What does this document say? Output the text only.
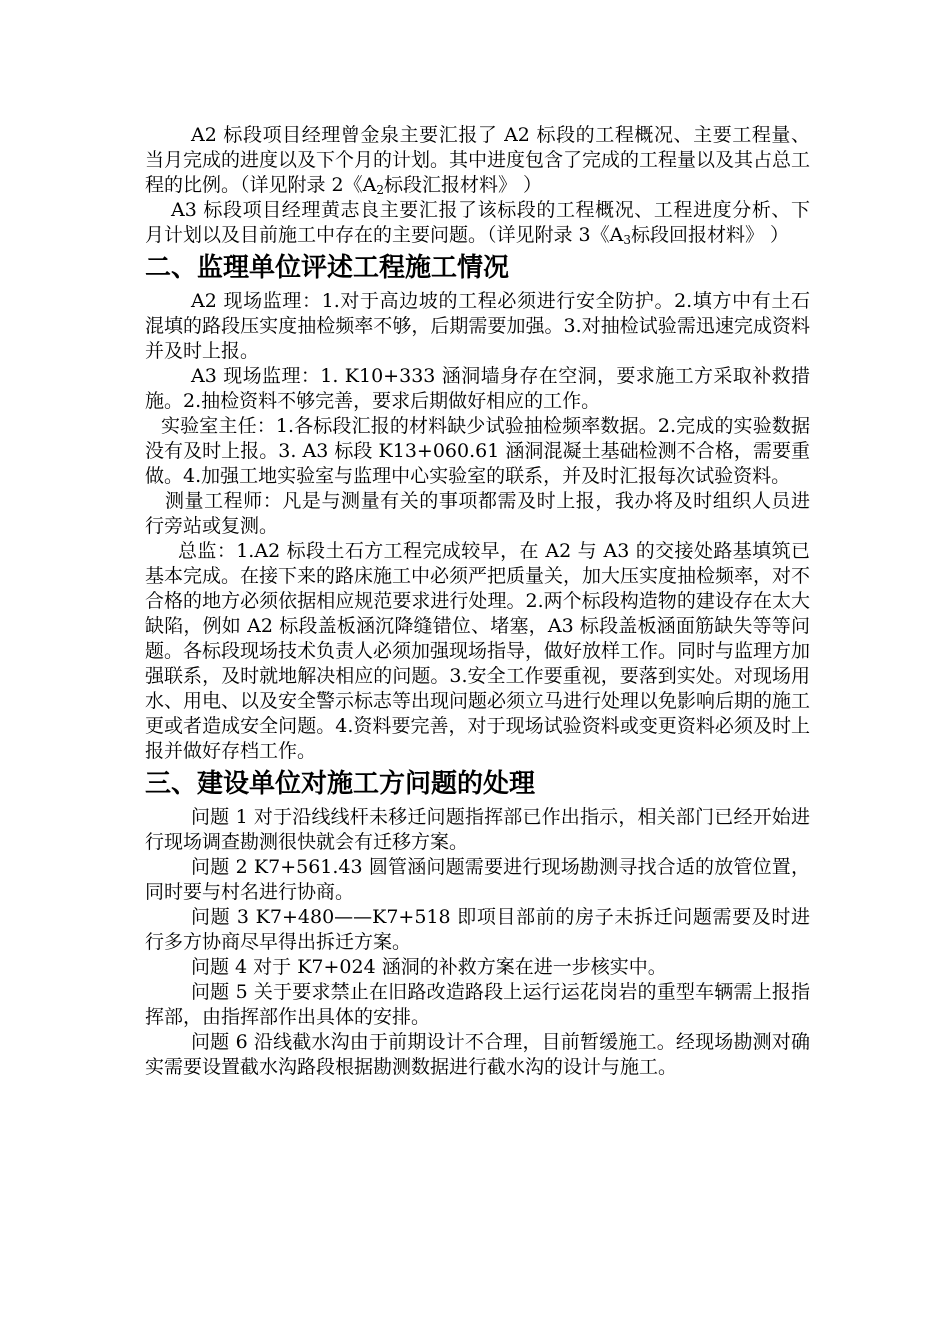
A2 标段项目经理曾金泉主要汇报了 A2 标段的工程概况、主要工程量、当月完成的进度以及下个月的计划。其中进度包含了完成的工程量以及其占总工程的比例。（详见附录 2《$A_2$标段汇报材料》 ）

A3 标段项目经理黄志良主要汇报了该标段的工程概况、工程进度分析、下月计划以及目前施工中存在的主要问题。（详见附录 3《$A_3$标段回报材料》 ）

二、监理单位评述工程施工情况

A2 现场监理：1.对于高边坡的工程必须进行安全防护。2.填方中有土石混填的路段压实度抽检频率不够，后期需要加强。3.对抽检试验需迅速完成资料并及时上报。

A3 现场监理：1. K10+333 涵洞墙身存在空洞，要求施工方采取补救措施。2.抽检资料不够完善，要求后期做好相应的工作。

实验室主任：1.各标段汇报的材料缺少试验抽检频率数据。2.完成的实验数据没有及时上报。3. A3 标段 K13+060.61 涵洞混凝土基础检测不合格，需要重做。4.加强工地实验室与监理中心实验室的联系，并及时汇报每次试验资料。

测量工程师：凡是与测量有关的事项都需及时上报，我办将及时组织人员进行旁站或复测。

总监：1.A2 标段土石方工程完成较早，在 A2 与 A3 的交接处路基填筑已基本完成。在接下来的路床施工中必须严把质量关，加大压实度抽检频率，对不合格的地方必须依据相应规范要求进行处理。2.两个标段构造物的建设存在太大缺陷，例如 A2 标段盖板涵沉降缝错位、堵塞，A3 标段盖板涵面筋缺失等等问题。各标段现场技术负责人必须加强现场指导，做好放样工作。同时与监理方加强联系，及时就地解决相应的问题。3.安全工作要重视，要落到实处。对现场用水、用电、以及安全警示标志等出现问题必须立马进行处理以免影响后期的施工更或者造成安全问题。4.资料要完善，对于现场试验资料或变更资料必须及时上报并做好存档工作。

三、建设单位对施工方问题的处理

问题 1 对于沿线线杆未移迁问题指挥部已作出指示，相关部门已经开始进行现场调查勘测很快就会有迁移方案。

问题 2 K7+561.43 圆管涵问题需要进行现场勘测寻找合适的放管位置，同时要与村名进行协商。

问题 3 K7+480——K7+518 即项目部前的房子未拆迁问题需要及时进行多方协商尽早得出拆迁方案。

问题 4 对于 K7+024 涵洞的补救方案在进一步核实中。

问题 5 关于要求禁止在旧路改造路段上运行运花岗岩的重型车辆需上报指挥部，由指挥部作出具体的安排。

问题 6 沿线截水沟由于前期设计不合理，目前暂缓施工。经现场勘测对确实需要设置截水沟路段根据勘测数据进行截水沟的设计与施工。
